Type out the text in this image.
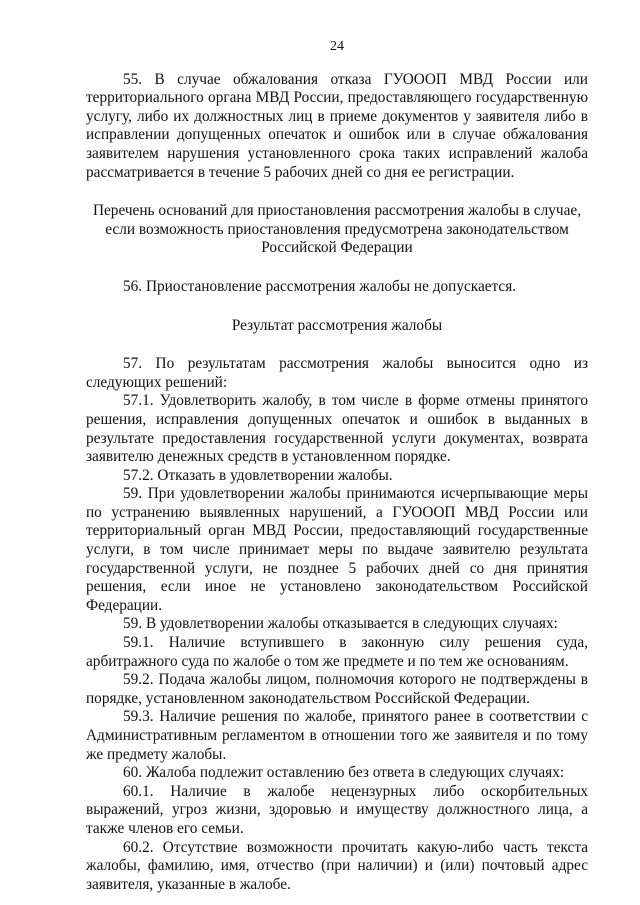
24

55. В случае обжалования отказа ГУОООП МВД России или территориального органа МВД России, предоставляющего государственную услугу, либо их должностных лиц в приеме документов у заявителя либо в исправлении допущенных опечаток и ошибок или в случае обжалования заявителем нарушения установленного срока таких исправлений жалоба рассматривается в течение 5 рабочих дней со дня ее регистрации.

Перечень оснований для приостановления рассмотрения жалобы в случае, если возможность приостановления предусмотрена законодательством Российской Федерации

56. Приостановление рассмотрения жалобы не допускается.

Результат рассмотрения жалобы

57. По результатам рассмотрения жалобы выносится одно из следующих решений:

57.1. Удовлетворить жалобу, в том числе в форме отмены принятого решения, исправления допущенных опечаток и ошибок в выданных в результате предоставления государственной услуги документах, возврата заявителю денежных средств в установленном порядке.

57.2. Отказать в удовлетворении жалобы.

59. При удовлетворении жалобы принимаются исчерпывающие меры по устранению выявленных нарушений, а ГУОООП МВД России или территориальный орган МВД России, предоставляющий государственные услуги, в том числе принимает меры по выдаче заявителю результата государственной услуги, не позднее 5 рабочих дней со дня принятия решения, если иное не установлено законодательством Российской Федерации.

59. В удовлетворении жалобы отказывается в следующих случаях:

59.1. Наличие вступившего в законную силу решения суда, арбитражного суда по жалобе о том же предмете и по тем же основаниям.

59.2. Подача жалобы лицом, полномочия которого не подтверждены в порядке, установленном законодательством Российской Федерации.

59.3. Наличие решения по жалобе, принятого ранее в соответствии с Административным регламентом в отношении того же заявителя и по тому же предмету жалобы.

60. Жалоба подлежит оставлению без ответа в следующих случаях:

60.1. Наличие в жалобе нецензурных либо оскорбительных выражений, угроз жизни, здоровью и имуществу должностного лица, а также членов его семьи.

60.2. Отсутствие возможности прочитать какую-либо часть текста жалобы, фамилию, имя, отчество (при наличии) и (или) почтовый адрес заявителя, указанные в жалобе.
